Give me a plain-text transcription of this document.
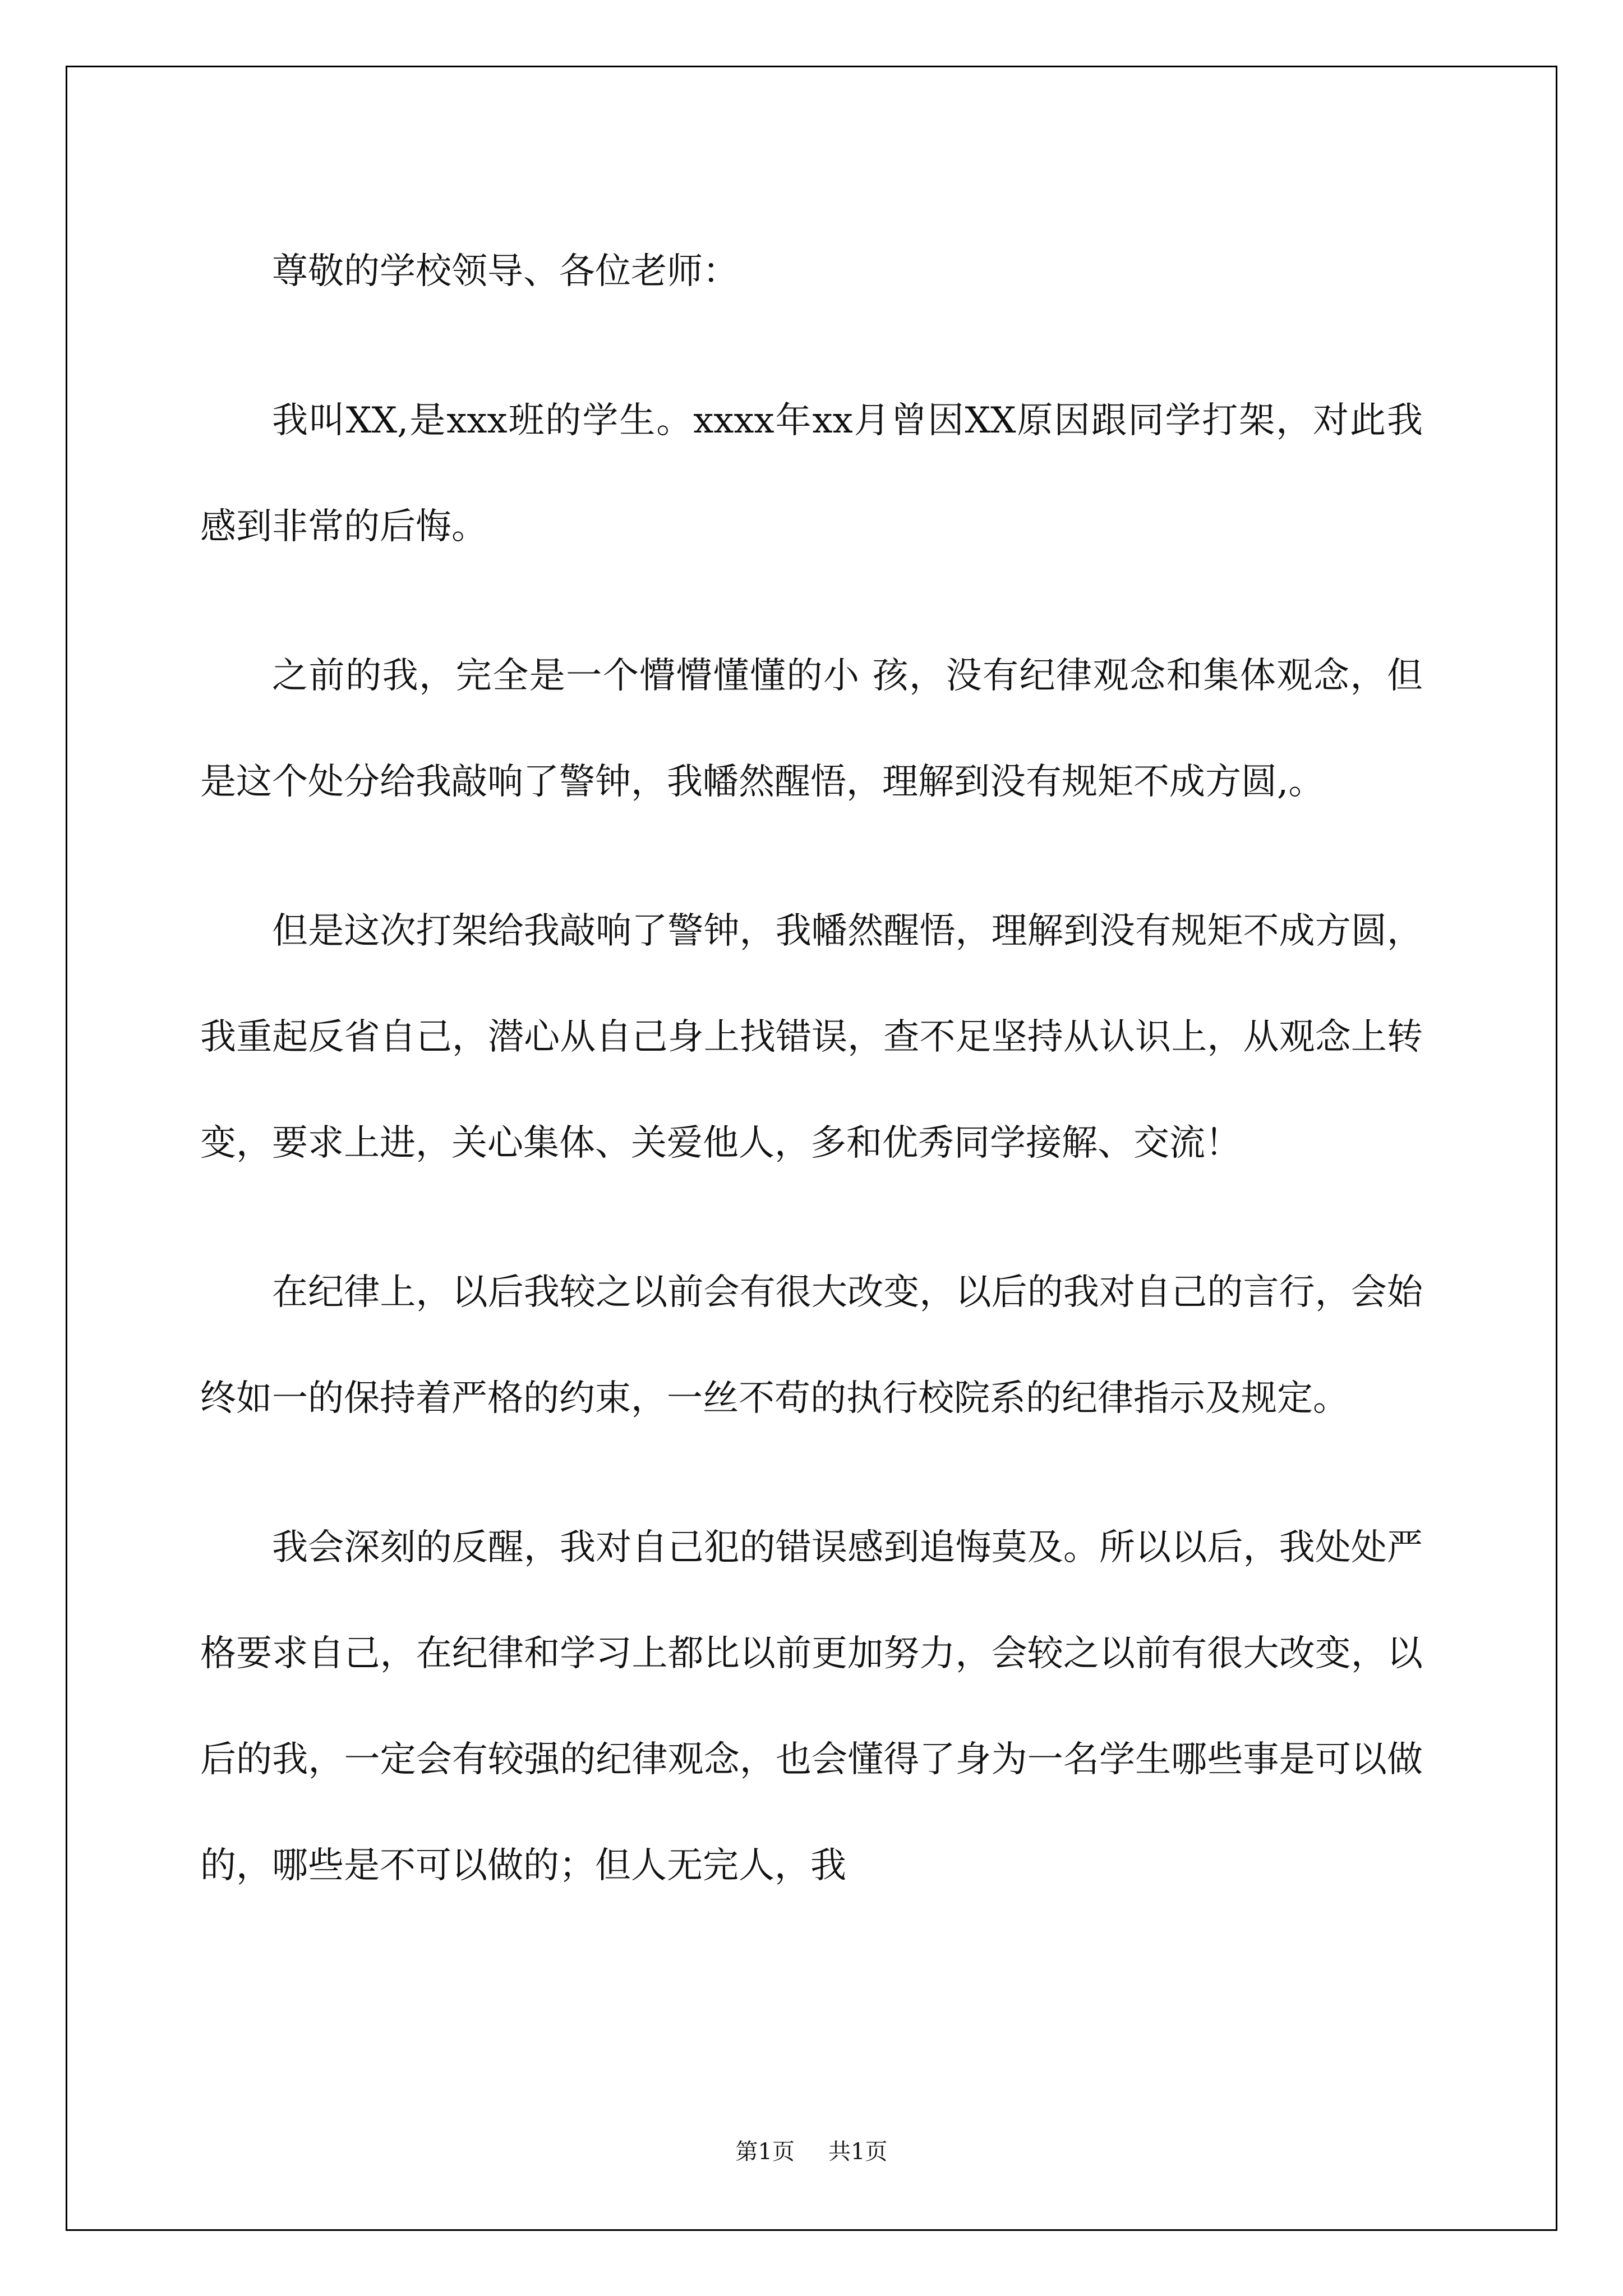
尊敬的学校领导、各位老师：

我叫XX,是xxx班的学生。xxxx年xx月曾因XX原因跟同学打架，对此我感到非常的后悔。

之前的我，完全是一个懵懵懂懂的小 孩，没有纪律观念和集体观念，但是这个处分给我敲响了警钟，我幡然醒悟，理解到没有规矩不成方圆,。

但是这次打架给我敲响了警钟，我幡然醒悟，理解到没有规矩不成方圆，我重起反省自己，潜心从自己身上找错误，查不足坚持从认识上，从观念上转变，要求上进，关心集体、关爱他人，多和优秀同学接解、交流！

在纪律上，以后我较之以前会有很大改变，以后的我对自己的言行，会始终如一的保持着严格的约束，一丝不苟的执行校院系的纪律指示及规定。

我会深刻的反醒，我对自己犯的错误感到追悔莫及。所以以后，我处处严格要求自己，在纪律和学习上都比以前更加努力，会较之以前有很大改变，以后的我，一定会有较强的纪律观念，也会懂得了身为一名学生哪些事是可以做的，哪些是不可以做的；但人无完人，我

第1页 共1页
